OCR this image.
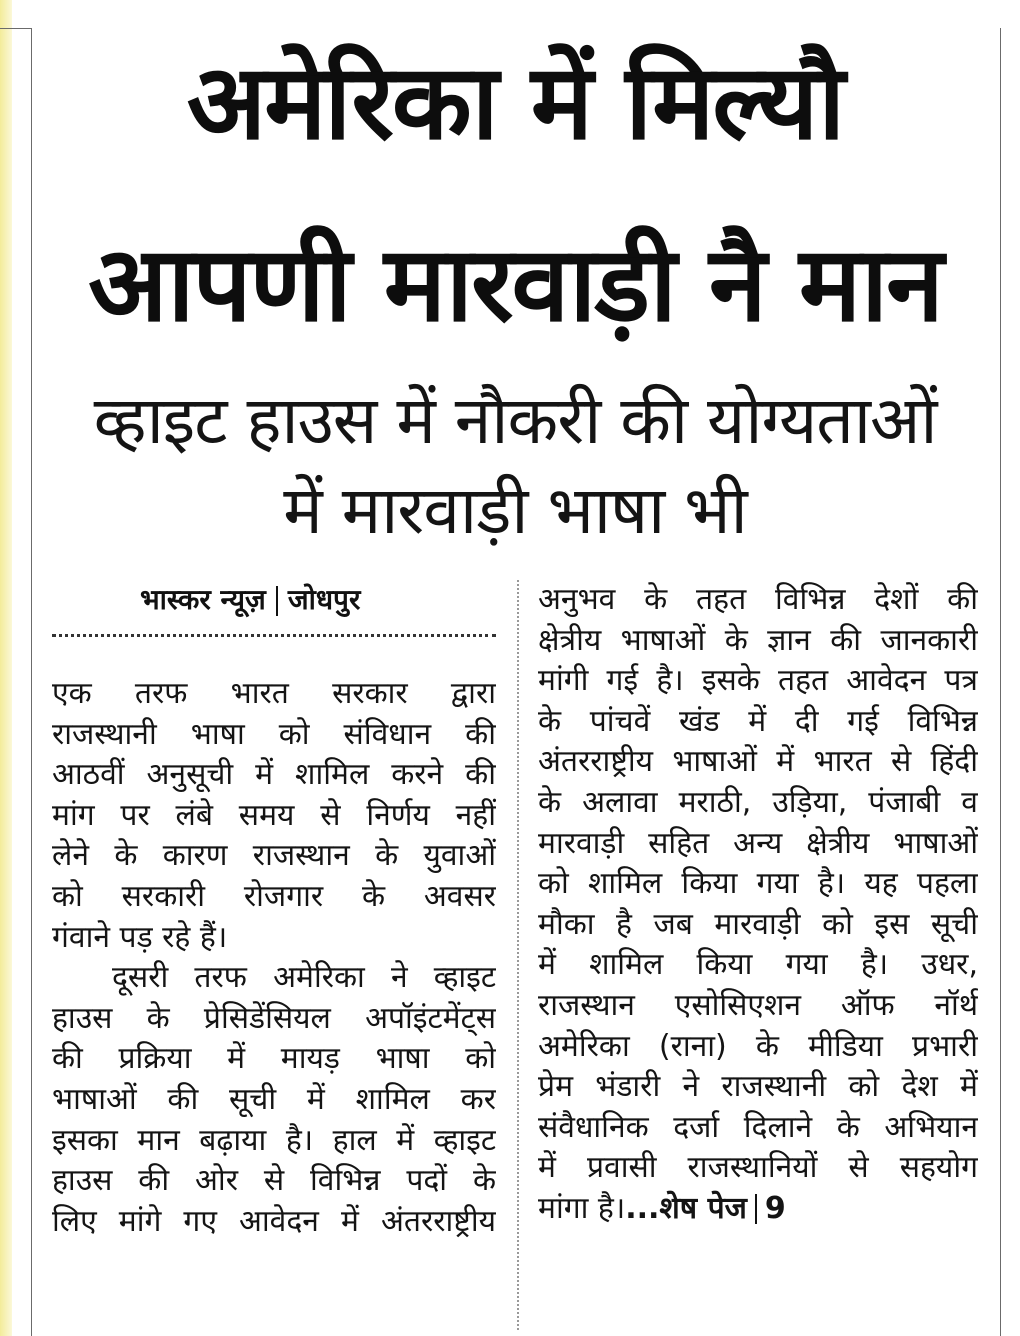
अमेरिका में मिल्यौ
आपणी मारवाड़ी नै मान
व्हाइट हाउस में नौकरी की योग्यताओं
में मारवाड़ी भाषा भी
भास्कर न्यूज़ जोधपुर
एक तरफ भारत सरकार द्वारा
राजस्थानी भाषा को संविधान की
आठवीं अनुसूची में शामिल करने की
मांग पर लंबे समय से निर्णय नहीं
लेने के कारण राजस्थान के युवाओं
को सरकारी रोजगार के अवसर
गंवाने पड़ रहे हैं।
दूसरी तरफ अमेरिका ने व्हाइट
हाउस के प्रेसिडेंसियल अपॉइंटमेंट्स
की प्रक्रिया में मायड़ भाषा को
भाषाओं की सूची में शामिल कर
इसका मान बढ़ाया है। हाल में व्हाइट
हाउस की ओर से विभिन्न पदों के
लिए मांगे गए आवेदन में अंतरराष्ट्रीय
अनुभव के तहत विभिन्न देशों की
क्षेत्रीय भाषाओं के ज्ञान की जानकारी
मांगी गई है। इसके तहत आवेदन पत्र
के पांचवें खंड में दी गई विभिन्न
अंतरराष्ट्रीय भाषाओं में भारत से हिंदी
के अलावा मराठी, उड़िया, पंजाबी व
मारवाड़ी सहित अन्य क्षेत्रीय भाषाओं
को शामिल किया गया है। यह पहला
मौका है जब मारवाड़ी को इस सूची
में शामिल किया गया है। उधर,
राजस्थान एसोसिएशन ऑफ नॉर्थ
अमेरिका (राना) के मीडिया प्रभारी
प्रेम भंडारी ने राजस्थानी को देश में
संवैधानिक दर्जा दिलाने के अभियान
में प्रवासी राजस्थानियों से सहयोग
मांगा है।...शेष पेज 9
